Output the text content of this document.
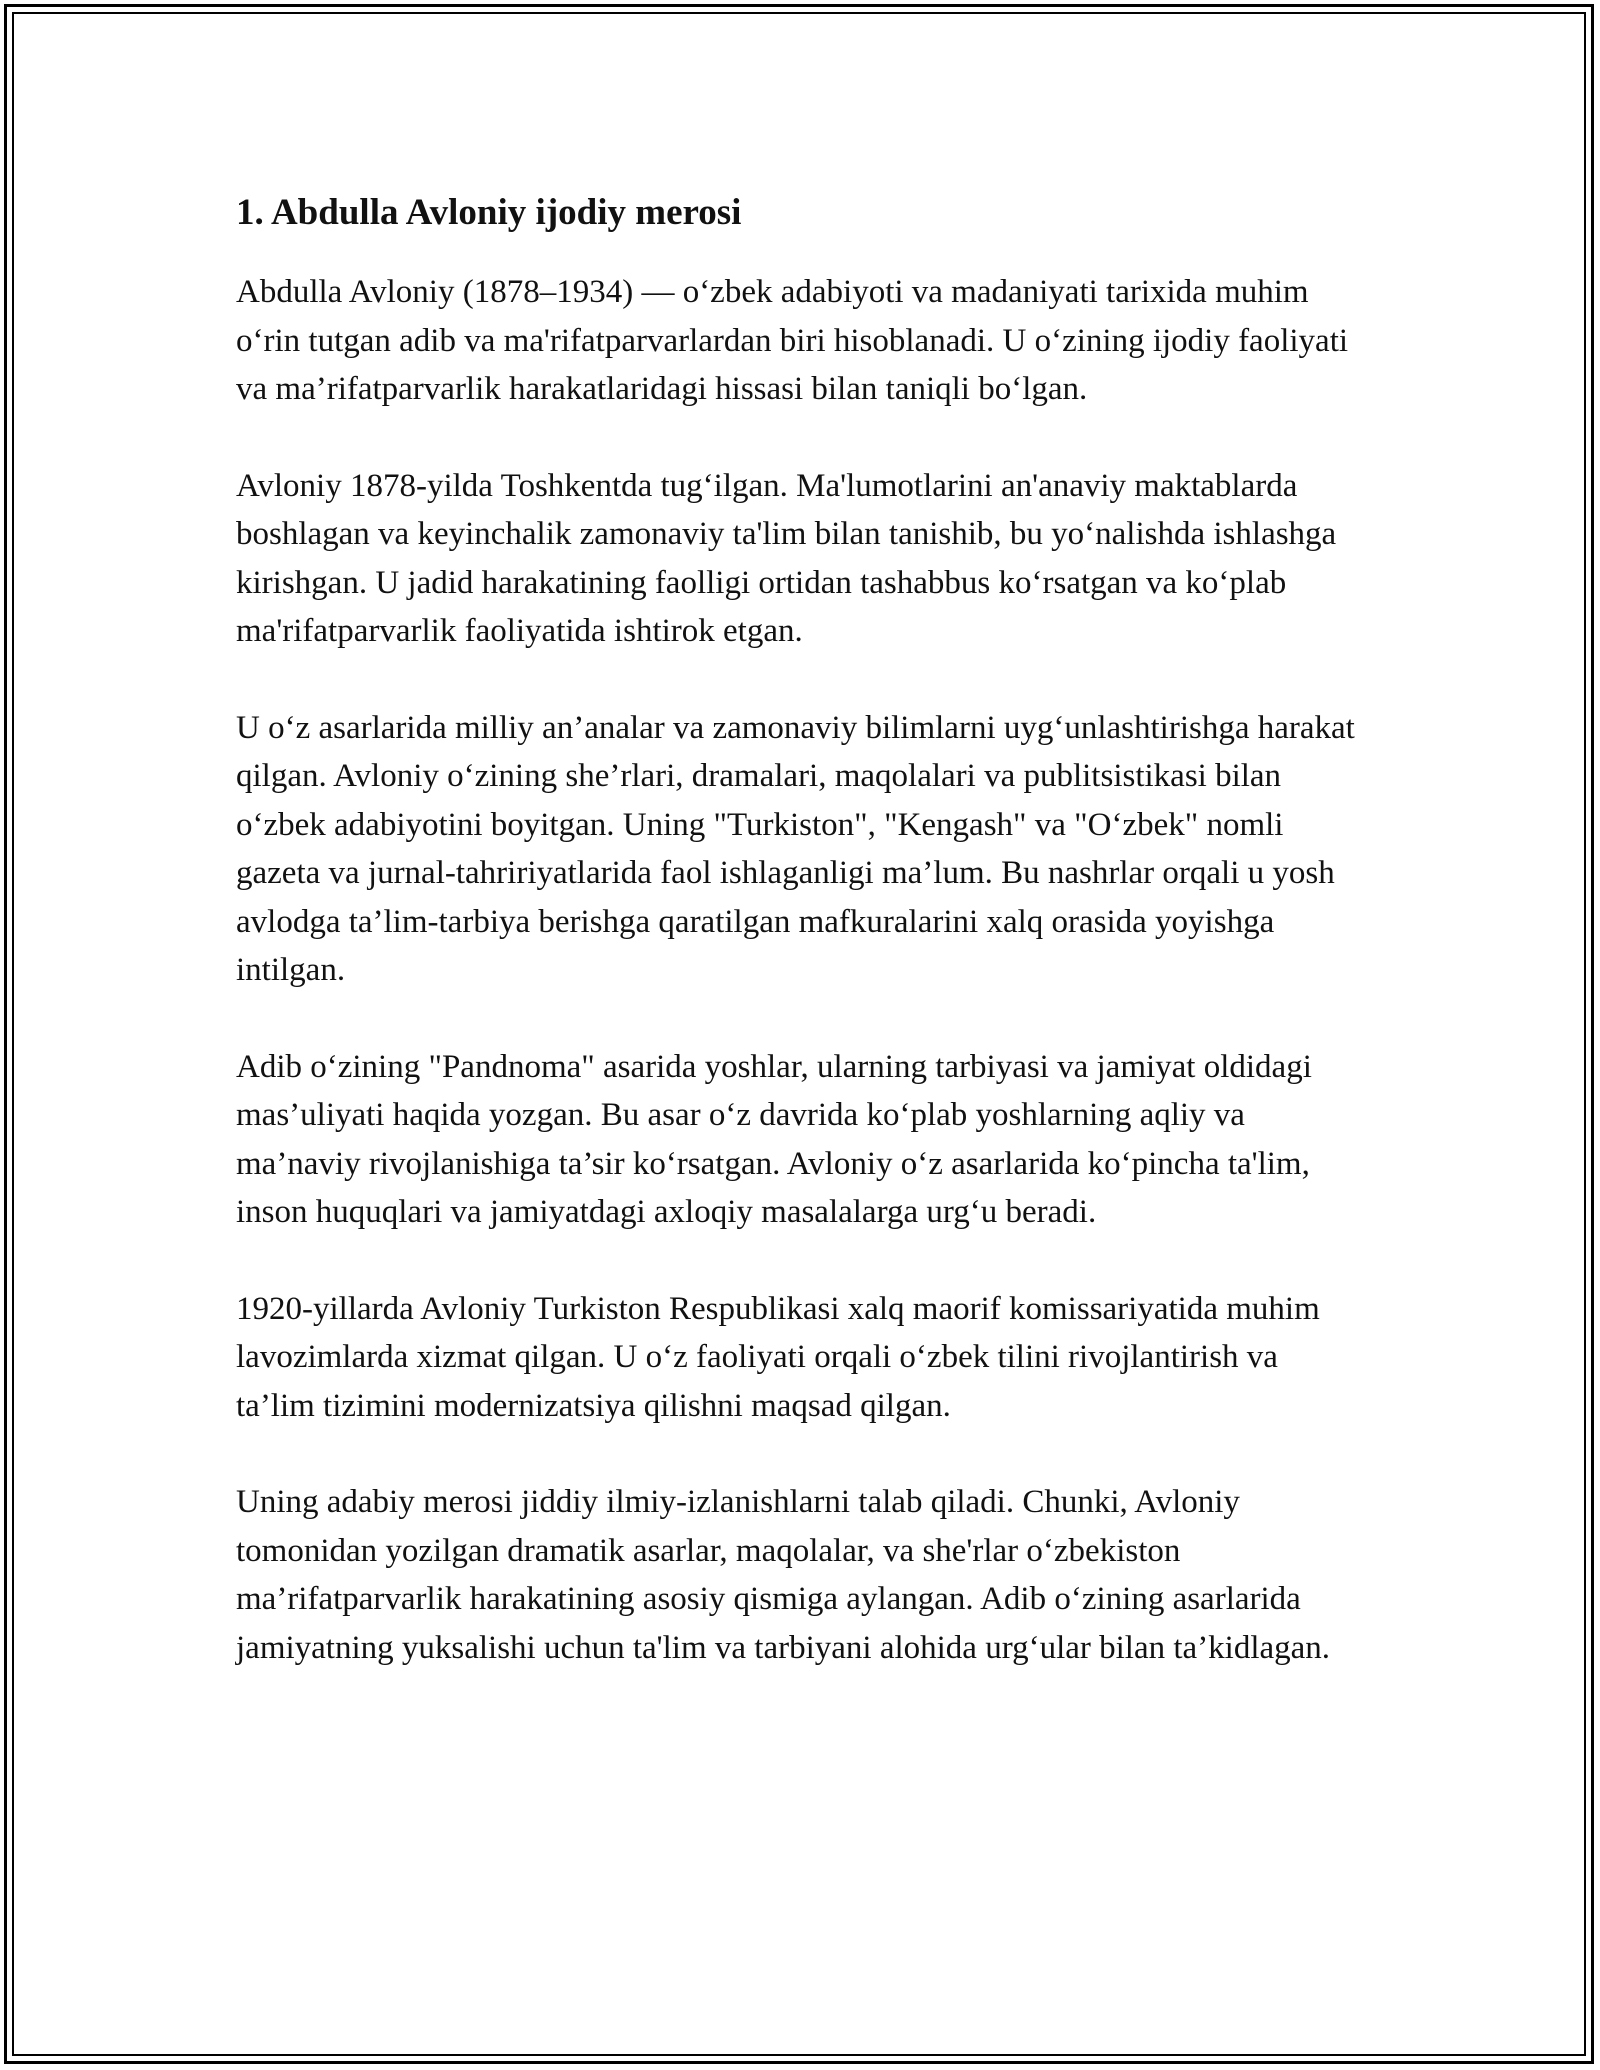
1. Abdulla Avloniy ijodiy merosi

Abdulla Avloniy (1878–1934) — o‘zbek adabiyoti va madaniyati tarixida muhim o‘rin tutgan adib va ma'rifatparvarlardan biri hisoblanadi. U o‘zining ijodiy faoliyati va ma’rifatparvarlik harakatlaridagi hissasi bilan taniqli bo‘lgan.

Avloniy 1878-yilda Toshkentda tug‘ilgan. Ma'lumotlarini an'anaviy maktablarda boshlagan va keyinchalik zamonaviy ta'lim bilan tanishib, bu yo‘nalishda ishlashga kirishgan. U jadid harakatining faolligi ortidan tashabbus ko‘rsatgan va ko‘plab ma'rifatparvarlik faoliyatida ishtirok etgan.

U o‘z asarlarida milliy an’analar va zamonaviy bilimlarni uyg‘unlashtirishga harakat qilgan. Avloniy o‘zining she’rlari, dramalari, maqolalari va publitsistikasi bilan o‘zbek adabiyotini boyitgan. Uning "Turkiston", "Kengash" va "O‘zbek" nomli gazeta va jurnal-tahririyatlarida faol ishlaganligi ma’lum. Bu nashrlar orqali u yosh avlodga ta’lim-tarbiya berishga qaratilgan mafkuralarini xalq orasida yoyishga intilgan.

Adib o‘zining "Pandnoma" asarida yoshlar, ularning tarbiyasi va jamiyat oldidagi mas’uliyati haqida yozgan. Bu asar o‘z davrida ko‘plab yoshlarning aqliy va ma’naviy rivojlanishiga ta’sir ko‘rsatgan. Avloniy o‘z asarlarida ko‘pincha ta'lim, inson huquqlari va jamiyatdagi axloqiy masalalarga urg‘u beradi.

1920-yillarda Avloniy Turkiston Respublikasi xalq maorif komissariyatida muhim lavozimlarda xizmat qilgan. U o‘z faoliyati orqali o‘zbek tilini rivojlantirish va ta’lim tizimini modernizatsiya qilishni maqsad qilgan.

Uning adabiy merosi jiddiy ilmiy-izlanishlarni talab qiladi. Chunki, Avloniy tomonidan yozilgan dramatik asarlar, maqolalar, va she'rlar o‘zbekiston ma’rifatparvarlik harakatining asosiy qismiga aylangan. Adib o‘zining asarlarida jamiyatning yuksalishi uchun ta'lim va tarbiyani alohida urg‘ular bilan ta’kidlagan.
